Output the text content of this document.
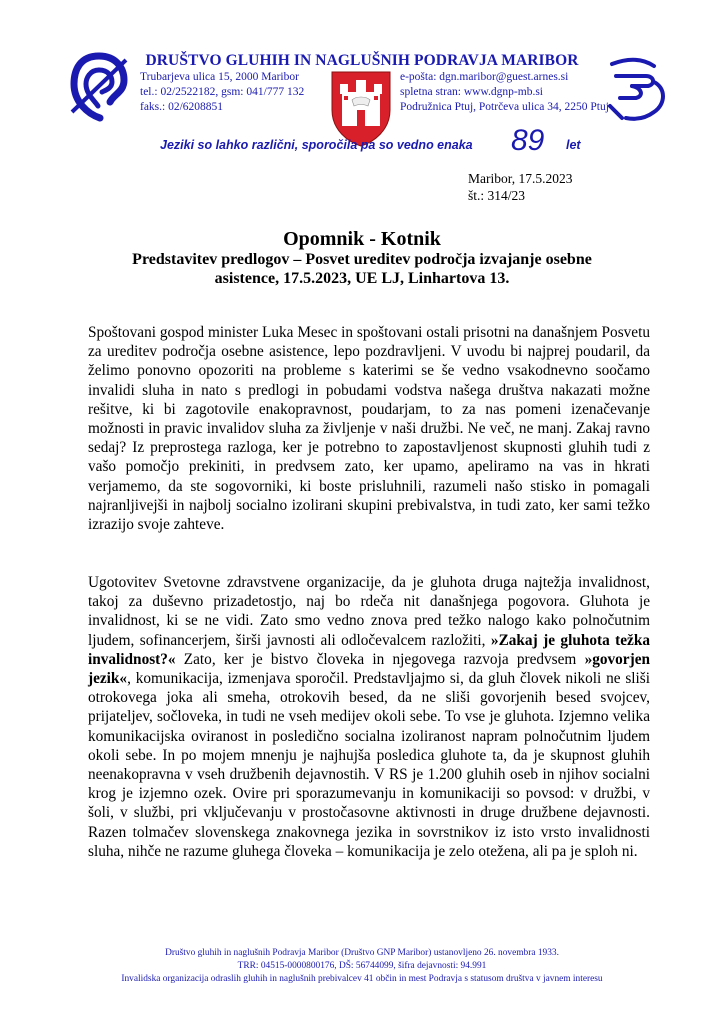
DRUŠTVO GLUHIH IN NAGLUŠNIH PODRAVJA MARIBOR
Trubarjeva ulica 15, 2000 Maribor
tel.: 02/2522182, gsm: 041/777 132
faks.: 02/6208851
e-pošta: dgn.maribor@guest.arnes.si
spletna stran: www.dgnp-mb.si
Podružnica Ptuj, Potrčeva ulica 34, 2250 Ptuj
Jeziki so lahko različni, sporočila pa so vedno enaka 89 let
Maribor, 17.5.2023
št.: 314/23
Opomnik - Kotnik
Predstavitev predlogov – Posvet ureditev področja izvajanje osebne asistence, 17.5.2023, UE LJ, Linhartova 13.
Spoštovani gospod minister Luka Mesec in spoštovani ostali prisotni na današnjem Posvetu za ureditev področja osebne asistence, lepo pozdravljeni. V uvodu bi najprej poudaril, da želimo ponovno opozoriti na probleme s katerimi se še vedno vsakodnevno soočamo invalidi sluha in nato s predlogi in pobudami vodstva našega društva nakazati možne rešitve, ki bi zagotovile enakopravnost, poudarjam, to za nas pomeni izenačevanje možnosti in pravic invalidov sluha za življenje v naši družbi. Ne več, ne manj. Zakaj ravno sedaj? Iz preprostega razloga, ker je potrebno to zapostavljenost skupnosti gluhih tudi z vašo pomočjo prekiniti, in predvsem zato, ker upamo, apeliramo na vas in hkrati verjamemo, da ste sogovorniki, ki boste prisluhnili, razumeli našo stisko in pomagali najranljivejši in najbolj socialno izolirani skupini prebivalstva, in tudi zato, ker sami težko izrazijo svoje zahteve.
Ugotovitev Svetovne zdravstvene organizacije, da je gluhota druga najtežja invalidnost, takoj za duševno prizadetostjo, naj bo rdeča nit današnjega pogovora. Gluhota je invalidnost, ki se ne vidi. Zato smo vedno znova pred težko nalogo kako polnočutnim ljudem, sofinancerjem, širši javnosti ali odločevalcem razložiti, »Zakaj je gluhota težka invalidnost?« Zato, ker je bistvo človeka in njegovega razvoja predvsem »govorjen jezik«, komunikacija, izmenjava sporočil. Predstavljajmo si, da gluh človek nikoli ne sliši otrokovega joka ali smeha, otrokovih besed, da ne sliši govorjenih besed svojcev, prijateljev, sočloveka, in tudi ne vseh medijev okoli sebe. To vse je gluhota. Izjemno velika komunikacijska oviranost in posledično socialna izoliranost napram polnočutnim ljudem okoli sebe. In po mojem mnenju je najhujša posledica gluhote ta, da je skupnost gluhih neenakopravna v vseh družbenih dejavnostih. V RS je 1.200 gluhih oseb in njihov socialni krog je izjemno ozek. Ovire pri sporazumevanju in komunikaciji so povsod: v družbi, v šoli, v službi, pri vključevanju v prostočasovne aktivnosti in druge družbene dejavnosti. Razen tolmačev slovenskega znakovnega jezika in sovrstnikov iz isto vrsto invalidnosti sluha, nihče ne razume gluhega človeka – komunikacija je zelo otežena, ali pa je sploh ni.
Društvo gluhih in naglušnih Podravja Maribor (Društvo GNP Maribor) ustanovljeno 26. novembra 1933.
TRR: 04515-0000800176, DŠ: 56744099, šifra dejavnosti: 94.991
Invalidska organizacija odraslih gluhih in naglušnih prebivalcev 41 občin in mest Podravja s statusom društva v javnem interesu
